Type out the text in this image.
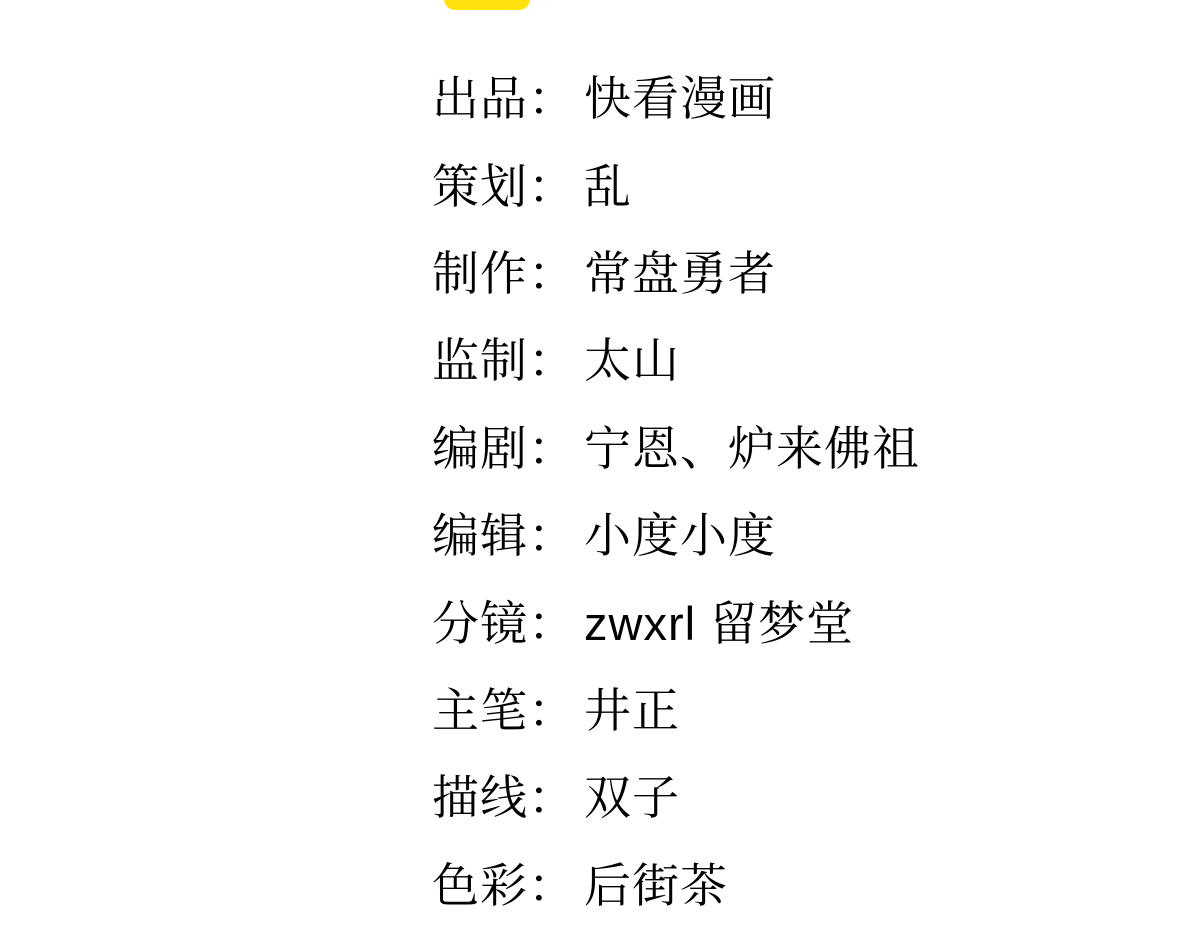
出品 ： 快看漫画
策划 ： 乱
制作 ： 常盘勇者
监制 ： 太山
编剧 ： 宁恩、炉来佛祖
编辑 ： 小度小度
分镜 ： zwxrl 留梦堂
主笔 ： 井正
描线 ： 双子
色彩 ： 后街茶
